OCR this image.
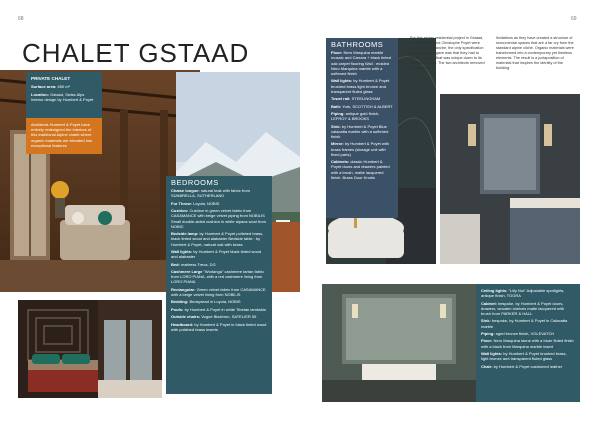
68	69
CHALET GSTAAD
PRIVATE CHALET

Surface area: 650 m²

Location: Gstaad, Swiss Alps Interior design by Humbert & Poyet

Architects Humbert & Poyet have entirely redesigned the interiors of this traditional Alpine chalet where organic materials are elevated into exceptional features

BEDROOMS

Chaise longue: natural teak with fabric from SUNBRELLA, SUTHERLAND

Fur Throw: Loyola, NOBIS

Cushion: Cushion in green velvet fabric from CASAMANCE with beige velvet piping from NOBILIS Small double-sided cushion in white alpaca wool from NOBIC

Bedside lamp: by Humbert & Poyet polished brass, black tinted wood and alabaster Bedside table : by Humbert & Poyet, natural oak with brass

Wall lights: by Humbert & Poyet black tinted wood and alabaster

Bed: mattress Treca, DG

Cashmere Large "Worlanga" cashmere tartan fabric from LORO PIANA, with a red cashmere lining from LORO PIANA

Rectangular: Green velvet fabric from CASAMANCE with a beige velvet lining from NOBILIS

Bedding: Bedspread in Loyola, NOBIS

Poufs: by Humbert & Poyet in white Tibetan lambskin

Outside chairs: Vogue Blaxbron, SATELIER 55

Headboard: by Humbert & Poyet in black tinted wood with polished brass inserts

BATHROOMS

Floor: Nero Marquina marble mosaic and Carrara + black tinted oak carpet flooring Wall : molded Nero Marquina marble with a softened finish

Wall lights: by Humbert & Poyet brushed brass light bronze and transparent fluted glass

Towel rail: STEELINGHAM

Bath: York, SCOTTISH & ALBERT

Piping: antique gold finish, LEFROY & BROOKS

Sink: by Humbert & Poyet Blue calacatta marble with a softened finish

Mirror: by Humbert & Poyet with brass frames (storage unit with fixed parts)

Cabinets: classic Humbert & Poyet doors and drawers painted with a brush, matte lacquered finish. Brass Door Knobs

For this storey residential project in Gstaad, Emil Humbert and Christophe Poyet were given a carte blanche, the only specification that their client gave was that they had to create a space that was unique down to its smallest details. The two architects removed all imaginative
limitations as they have created a structure of monumental spaces that are a far cry from the standard alpine cliché. Organic materials were transformed into a contemporary yet timeless elements. The result is a juxtaposition of materials that inspires the identity of the building.

Ceiling lights: "Lilly Nut" Adjustable spotlights, antique finish, TOGRA

Cabinet: bespoke, by Humbert & Poyet doors, drawers, wooden shelves matte lacquered with brush from PARKER & HALL

Sink: bespoke, by Humbert & Poyet in Calacatta marble

Piping: aged bronze finish, VOLEVATCH

Floor: Nero Marquina stone with a bluer fluted finish with a black from Marquina marble insert

Wall lights: by Humbert & Poyet brushed brass, light bronze and transparent fluted glass

Chair: by Humbert & Poyet cushioned leather
